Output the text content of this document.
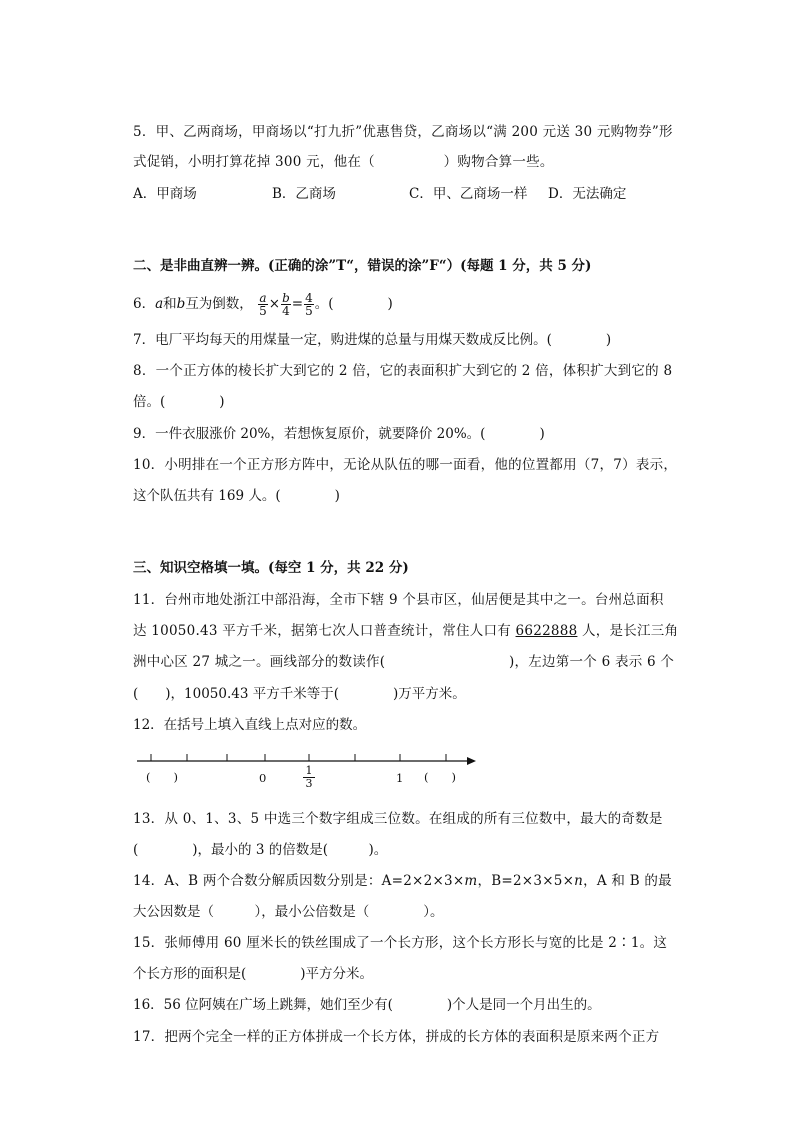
5．甲、乙两商场，甲商场以“打九折”优惠售贷，乙商场以“满 200 元送 30 元购物券”形
式促销，小明打算花掉 300 元，他在（　　　　　）购物合算一些。
A．甲商场	B．乙商场	C．甲、乙商场一样 D．无法确定
二、是非曲直辨一辨。(正确的涂”T“，错误的涂”F“）(每题 1 分，共 5 分)
6．a和b互为倒数， $\frac{a}{5} \times \frac{b}{4} = \frac{4}{5}$ 。(　　　　)
7．电厂平均每天的用煤量一定，购进煤的总量与用煤天数成反比例。(　　　　)
8．一个正方体的棱长扩大到它的 2 倍，它的表面积扩大到它的 2 倍，体积扩大到它的 8
倍。(　　　　)
9．一件衣服涨价 20%，若想恢复原价，就要降价 20%。(　　　　)
10．小明排在一个正方形方阵中，无论从队伍的哪一面看，他的位置都用（7，7）表示，
这个队伍共有 169 人。(　　　　)
三、知识空格填一填。(每空 1 分，共 22 分)
11．台州市地处浙江中部沿海，全市下辖 9 个县市区，仙居便是其中之一。台州总面积
达 10050.43 平方千米，据第七次人口普查统计，常住人口有 6622888 人，是长江三角
洲中心区 27 城之一。画线部分的数读作(　　　　　　　　　)，左边第一个 6 表示 6 个
(　　)，10050.43 平方千米等于(　　　　)万平方米。
12．在括号上填入直线上点对应的数。
(　　)	0	$\frac{1}{3}$	1 (　　)
13．从 0、1、3、5 中选三个数字组成三位数。在组成的所有三位数中，最大的奇数是
(　　　　)，最小的 3 的倍数是(　　　)。
14．A、B 两个合数分解质因数分别是：A=2×2×3×m，B=2×3×5×n，A 和 B 的最
大公因数是（　　　），最小公倍数是（　　　　）。
15．张师傅用 60 厘米长的铁丝围成了一个长方形，这个长方形长与宽的比是 2∶1。这
个长方形的面积是(　　　　)平方分米。
16．56 位阿姨在广场上跳舞，她们至少有(　　　　)个人是同一个月出生的。
17．把两个完全一样的正方体拼成一个长方体，拼成的长方体的表面积是原来两个正方
